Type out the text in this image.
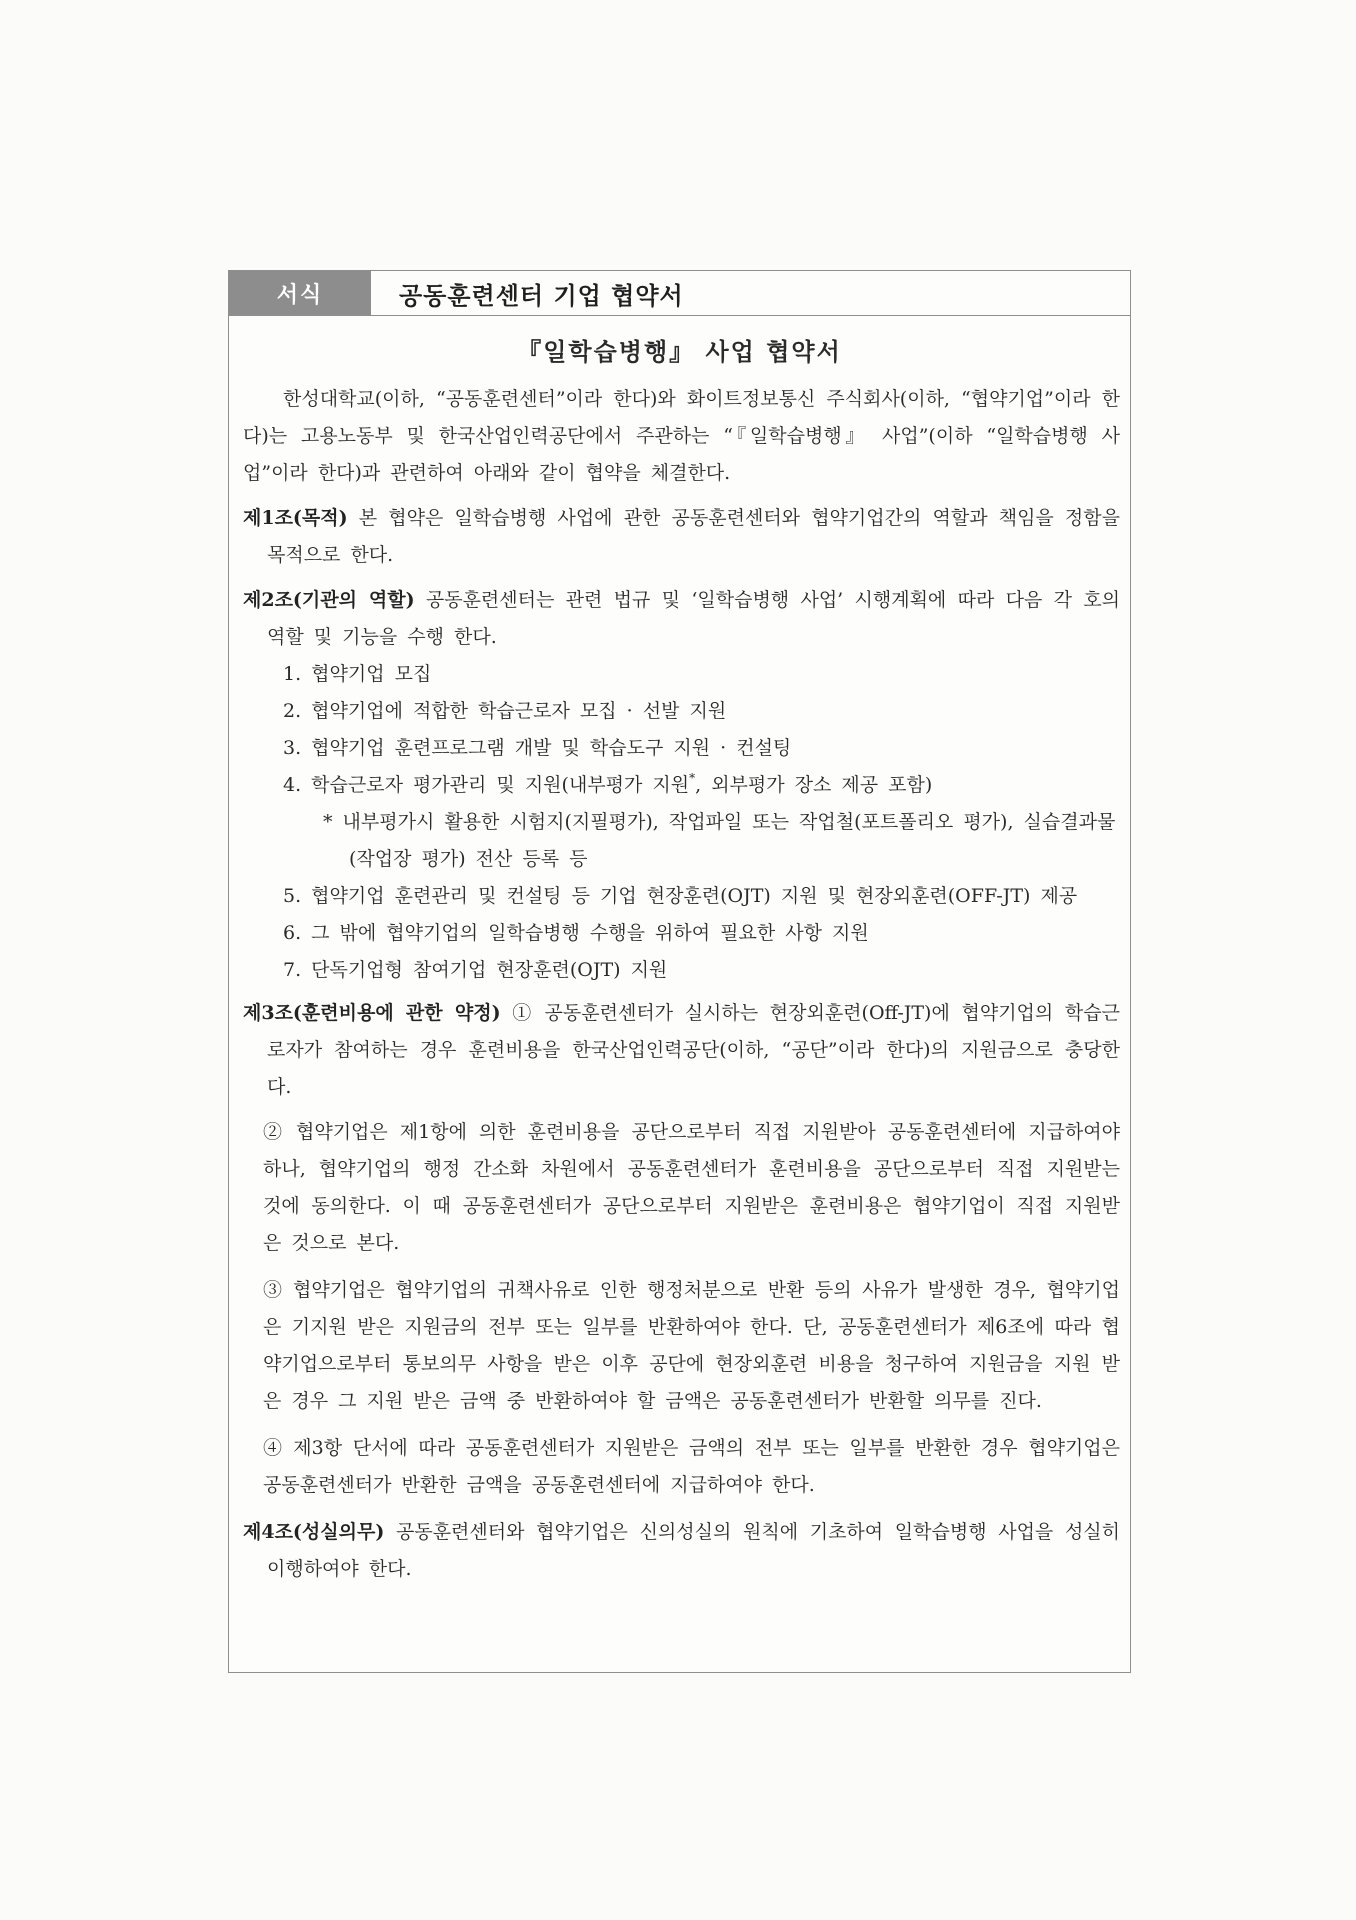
서식	공동훈련센터 기업 협약서
『일학습병행』 사업 협약서

한성대학교(이하, “공동훈련센터”이라 한다)와 화이트정보통신 주식회사(이하, “협약기업”이라 한다)는 고용노동부 및 한국산업인력공단에서 주관하는 “『일학습병행』 사업”(이하 “일학습병행 사업”이라 한다)과 관련하여 아래와 같이 협약을 체결한다.

제1조(목적) 본 협약은 일학습병행 사업에 관한 공동훈련센터와 협약기업간의 역할과 책임을 정함을 목적으로 한다.

제2조(기관의 역할) 공동훈련센터는 관련 법규 및 ‘일학습병행 사업’ 시행계획에 따라 다음 각 호의 역할 및 기능을 수행 한다.

1. 협약기업 모집
2. 협약기업에 적합한 학습근로자 모집 · 선발 지원
3. 협약기업 훈련프로그램 개발 및 학습도구 지원 · 컨설팅
4. 학습근로자 평가관리 및 지원(내부평가 지원*, 외부평가 장소 제공 포함)
* 내부평가시 활용한 시험지(지필평가), 작업파일 또는 작업철(포트폴리오 평가), 실습결과물(작업장 평가) 전산 등록 등
5. 협약기업 훈련관리 및 컨설팅 등 기업 현장훈련(OJT) 지원 및 현장외훈련(OFF-JT) 제공
6. 그 밖에 협약기업의 일학습병행 수행을 위하여 필요한 사항 지원
7. 단독기업형 참여기업 현장훈련(OJT) 지원

제3조(훈련비용에 관한 약정) ① 공동훈련센터가 실시하는 현장외훈련(Off-JT)에 협약기업의 학습근로자가 참여하는 경우 훈련비용을 한국산업인력공단(이하, “공단”이라 한다)의 지원금으로 충당한다.

② 협약기업은 제1항에 의한 훈련비용을 공단으로부터 직접 지원받아 공동훈련센터에 지급하여야 하나, 협약기업의 행정 간소화 차원에서 공동훈련센터가 훈련비용을 공단으로부터 직접 지원받는 것에 동의한다. 이 때 공동훈련센터가 공단으로부터 지원받은 훈련비용은 협약기업이 직접 지원받은 것으로 본다.

③ 협약기업은 협약기업의 귀책사유로 인한 행정처분으로 반환 등의 사유가 발생한 경우, 협약기업은 기지원 받은 지원금의 전부 또는 일부를 반환하여야 한다. 단, 공동훈련센터가 제6조에 따라 협약기업으로부터 통보의무 사항을 받은 이후 공단에 현장외훈련 비용을 청구하여 지원금을 지원 받은 경우 그 지원 받은 금액 중 반환하여야 할 금액은 공동훈련센터가 반환할 의무를 진다.

④ 제3항 단서에 따라 공동훈련센터가 지원받은 금액의 전부 또는 일부를 반환한 경우 협약기업은 공동훈련센터가 반환한 금액을 공동훈련센터에 지급하여야 한다.

제4조(성실의무) 공동훈련센터와 협약기업은 신의성실의 원칙에 기초하여 일학습병행 사업을 성실히 이행하여야 한다.
